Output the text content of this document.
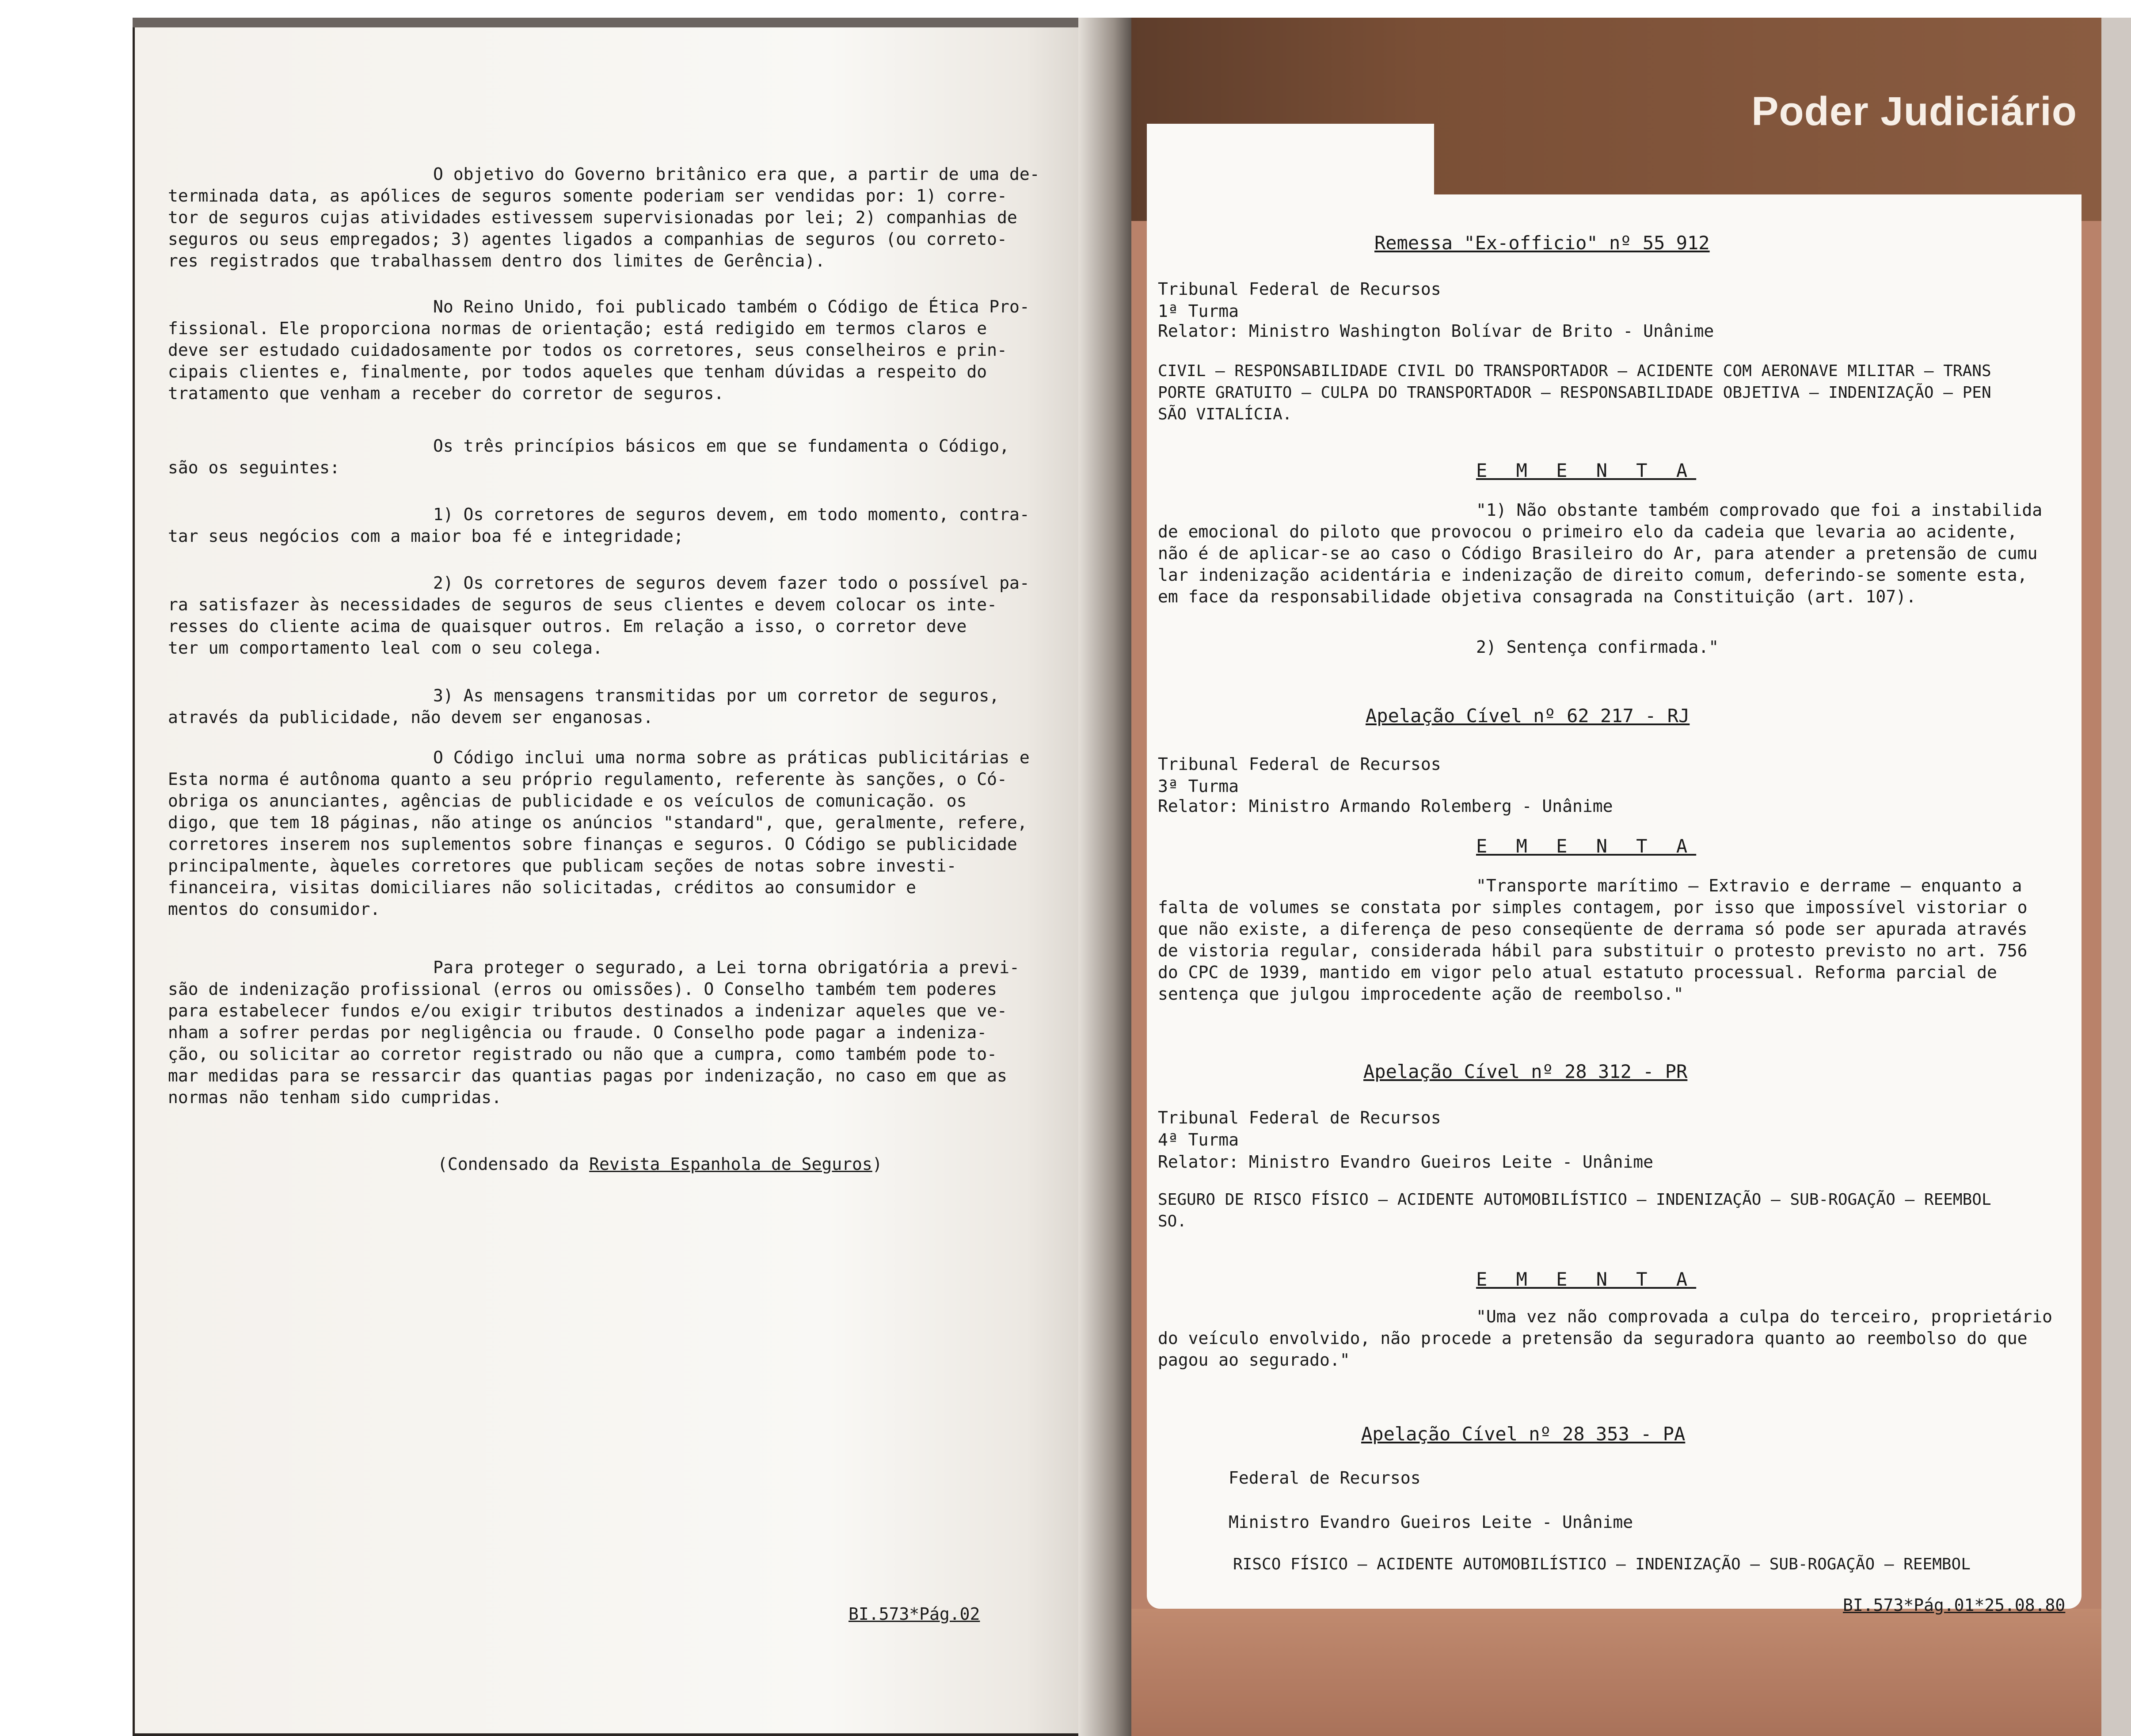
O objetivo do Governo britânico era que, a partir de uma de-
terminada data, as apólices de seguros somente poderiam ser vendidas por: 1) corre-
tor de seguros cujas atividades estivessem supervisionadas por lei; 2) companhias de
seguros ou seus empregados; 3) agentes ligados a companhias de seguros (ou correto-
res registrados que trabalhassem dentro dos limites de Gerência).

No Reino Unido, foi publicado também o Código de Ética Pro-
fissional. Ele proporciona normas de orientação; está redigido em termos claros e
deve ser estudado cuidadosamente por todos os corretores, seus conselheiros e prin-
cipais clientes e, finalmente, por todos aqueles que tenham dúvidas a respeito do
tratamento que venham a receber do corretor de seguros.

Os três princípios básicos em que se fundamenta o Código,
são os seguintes:

1) Os corretores de seguros devem, em todo momento, contra-
tar seus negócios com a maior boa fé e integridade;

2) Os corretores de seguros devem fazer todo o possível pa-
ra satisfazer às necessidades de seguros de seus clientes e devem colocar os inte-
resses do cliente acima de quaisquer outros. Em relação a isso, o corretor deve
ter um comportamento leal com o seu colega.

3) As mensagens transmitidas por um corretor de seguros,
através da publicidade, não devem ser enganosas.

O Código inclui uma norma sobre as práticas publicitárias e
Esta norma é autônoma quanto a seu próprio regulamento, referente às sanções, o Có-
obriga os anunciantes, agências de publicidade e os veículos de comunicação. os
digo, que tem 18 páginas, não atinge os anúncios "standard", que, geralmente, refere,
corretores inserem nos suplementos sobre finanças e seguros. O Código se publicidade
principalmente, àqueles corretores que publicam seções de notas sobre investi-
financeira, visitas domiciliares não solicitadas, créditos ao consumidor e
mentos do consumidor.

Para proteger o segurado, a Lei torna obrigatória a previ-
são de indenização profissional (erros ou omissões). O Conselho também tem poderes
para estabelecer fundos e/ou exigir tributos destinados a indenizar aqueles que ve-
nham a sofrer perdas por negligência ou fraude. O Conselho pode pagar a indeniza-
ção, ou solicitar ao corretor registrado ou não que a cumpra, como também pode to-
mar medidas para se ressarcir das quantias pagas por indenização, no caso em que as
normas não tenham sido cumpridas.

(Condensado da Revista Espanhola de Seguros)
BI.573*Pág.02
Poder Judiciário
Remessa "Ex-officio" nº 55 912

Tribunal Federal de Recursos

1ª Turma

Relator: Ministro Washington Bolívar de Brito - Unânime

CIVIL — RESPONSABILIDADE CIVIL DO TRANSPORTADOR — ACIDENTE COM AERONAVE MILITAR — TRANS
PORTE GRATUITO — CULPA DO TRANSPORTADOR — RESPONSABILIDADE OBJETIVA — INDENIZAÇÃO — PEN
SÃO VITALÍCIA.

E M E N T A

"1) Não obstante também comprovado que foi a instabilida
de emocional do piloto que provocou o primeiro elo da cadeia que levaria ao acidente,
não é de aplicar-se ao caso o Código Brasileiro do Ar, para atender a pretensão de cumu
lar indenização acidentária e indenização de direito comum, deferindo-se somente esta,
em face da responsabilidade objetiva consagrada na Constituição (art. 107).

2) Sentença confirmada."

Apelação Cível nº 62 217 - RJ

Tribunal Federal de Recursos

3ª Turma

Relator: Ministro Armando Rolemberg - Unânime

E M E N T A

"Transporte marítimo — Extravio e derrame — enquanto a
falta de volumes se constata por simples contagem, por isso que impossível vistoriar o
que não existe, a diferença de peso conseqüente de derrama só pode ser apurada através
de vistoria regular, considerada hábil para substituir o protesto previsto no art. 756
do CPC de 1939, mantido em vigor pelo atual estatuto processual. Reforma parcial de
sentença que julgou improcedente ação de reembolso."

Apelação Cível nº 28 312 - PR

Tribunal Federal de Recursos

4ª Turma

Relator: Ministro Evandro Gueiros Leite - Unânime

SEGURO DE RISCO FÍSICO — ACIDENTE AUTOMOBILÍSTICO — INDENIZAÇÃO — SUB-ROGAÇÃO — REEMBOL
SO.

E M E N T A

"Uma vez não comprovada a culpa do terceiro, proprietário
do veículo envolvido, não procede a pretensão da seguradora quanto ao reembolso do que
pagou ao segurado."

Apelação Cível nº 28 353 - PA

Federal de Recursos

Ministro Evandro Gueiros Leite - Unânime

RISCO FÍSICO — ACIDENTE AUTOMOBILÍSTICO — INDENIZAÇÃO — SUB-ROGAÇÃO — REEMBOL

BI.573*Pág.01*25.08.80
